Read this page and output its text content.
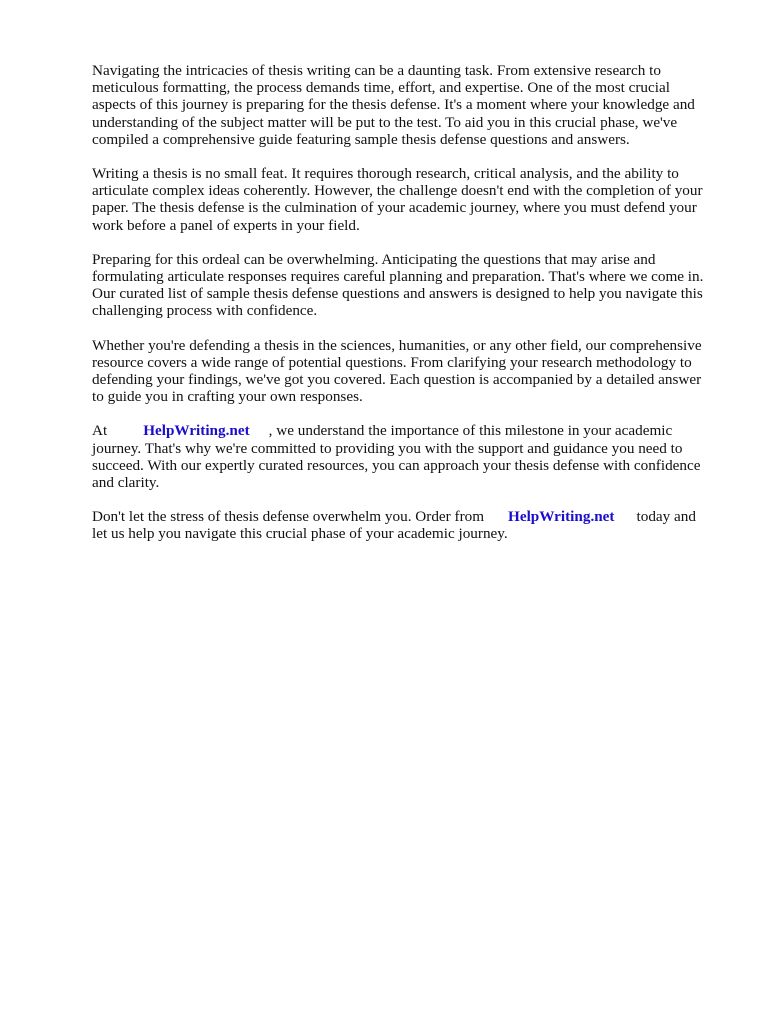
Navigating the intricacies of thesis writing can be a daunting task. From extensive research to
meticulous formatting, the process demands time, effort, and expertise. One of the most crucial
aspects of this journey is preparing for the thesis defense. It's a moment where your knowledge and
understanding of the subject matter will be put to the test. To aid you in this crucial phase, we've
compiled a comprehensive guide featuring sample thesis defense questions and answers.

Writing a thesis is no small feat. It requires thorough research, critical analysis, and the ability to
articulate complex ideas coherently. However, the challenge doesn't end with the completion of your
paper. The thesis defense is the culmination of your academic journey, where you must defend your
work before a panel of experts in your field.

Preparing for this ordeal can be overwhelming. Anticipating the questions that may arise and
formulating articulate responses requires careful planning and preparation. That's where we come in.
Our curated list of sample thesis defense questions and answers is designed to help you navigate this
challenging process with confidence.

Whether you're defending a thesis in the sciences, humanities, or any other field, our comprehensive
resource covers a wide range of potential questions. From clarifying your research methodology to
defending your findings, we've got you covered. Each question is accompanied by a detailed answer
to guide you in crafting your own responses.

At HelpWriting.net , we understand the importance of this milestone in your academic
journey. That's why we're committed to providing you with the support and guidance you need to
succeed. With our expertly curated resources, you can approach your thesis defense with confidence
and clarity.

Don't let the stress of thesis defense overwhelm you. Order from HelpWriting.net today and
let us help you navigate this crucial phase of your academic journey.
